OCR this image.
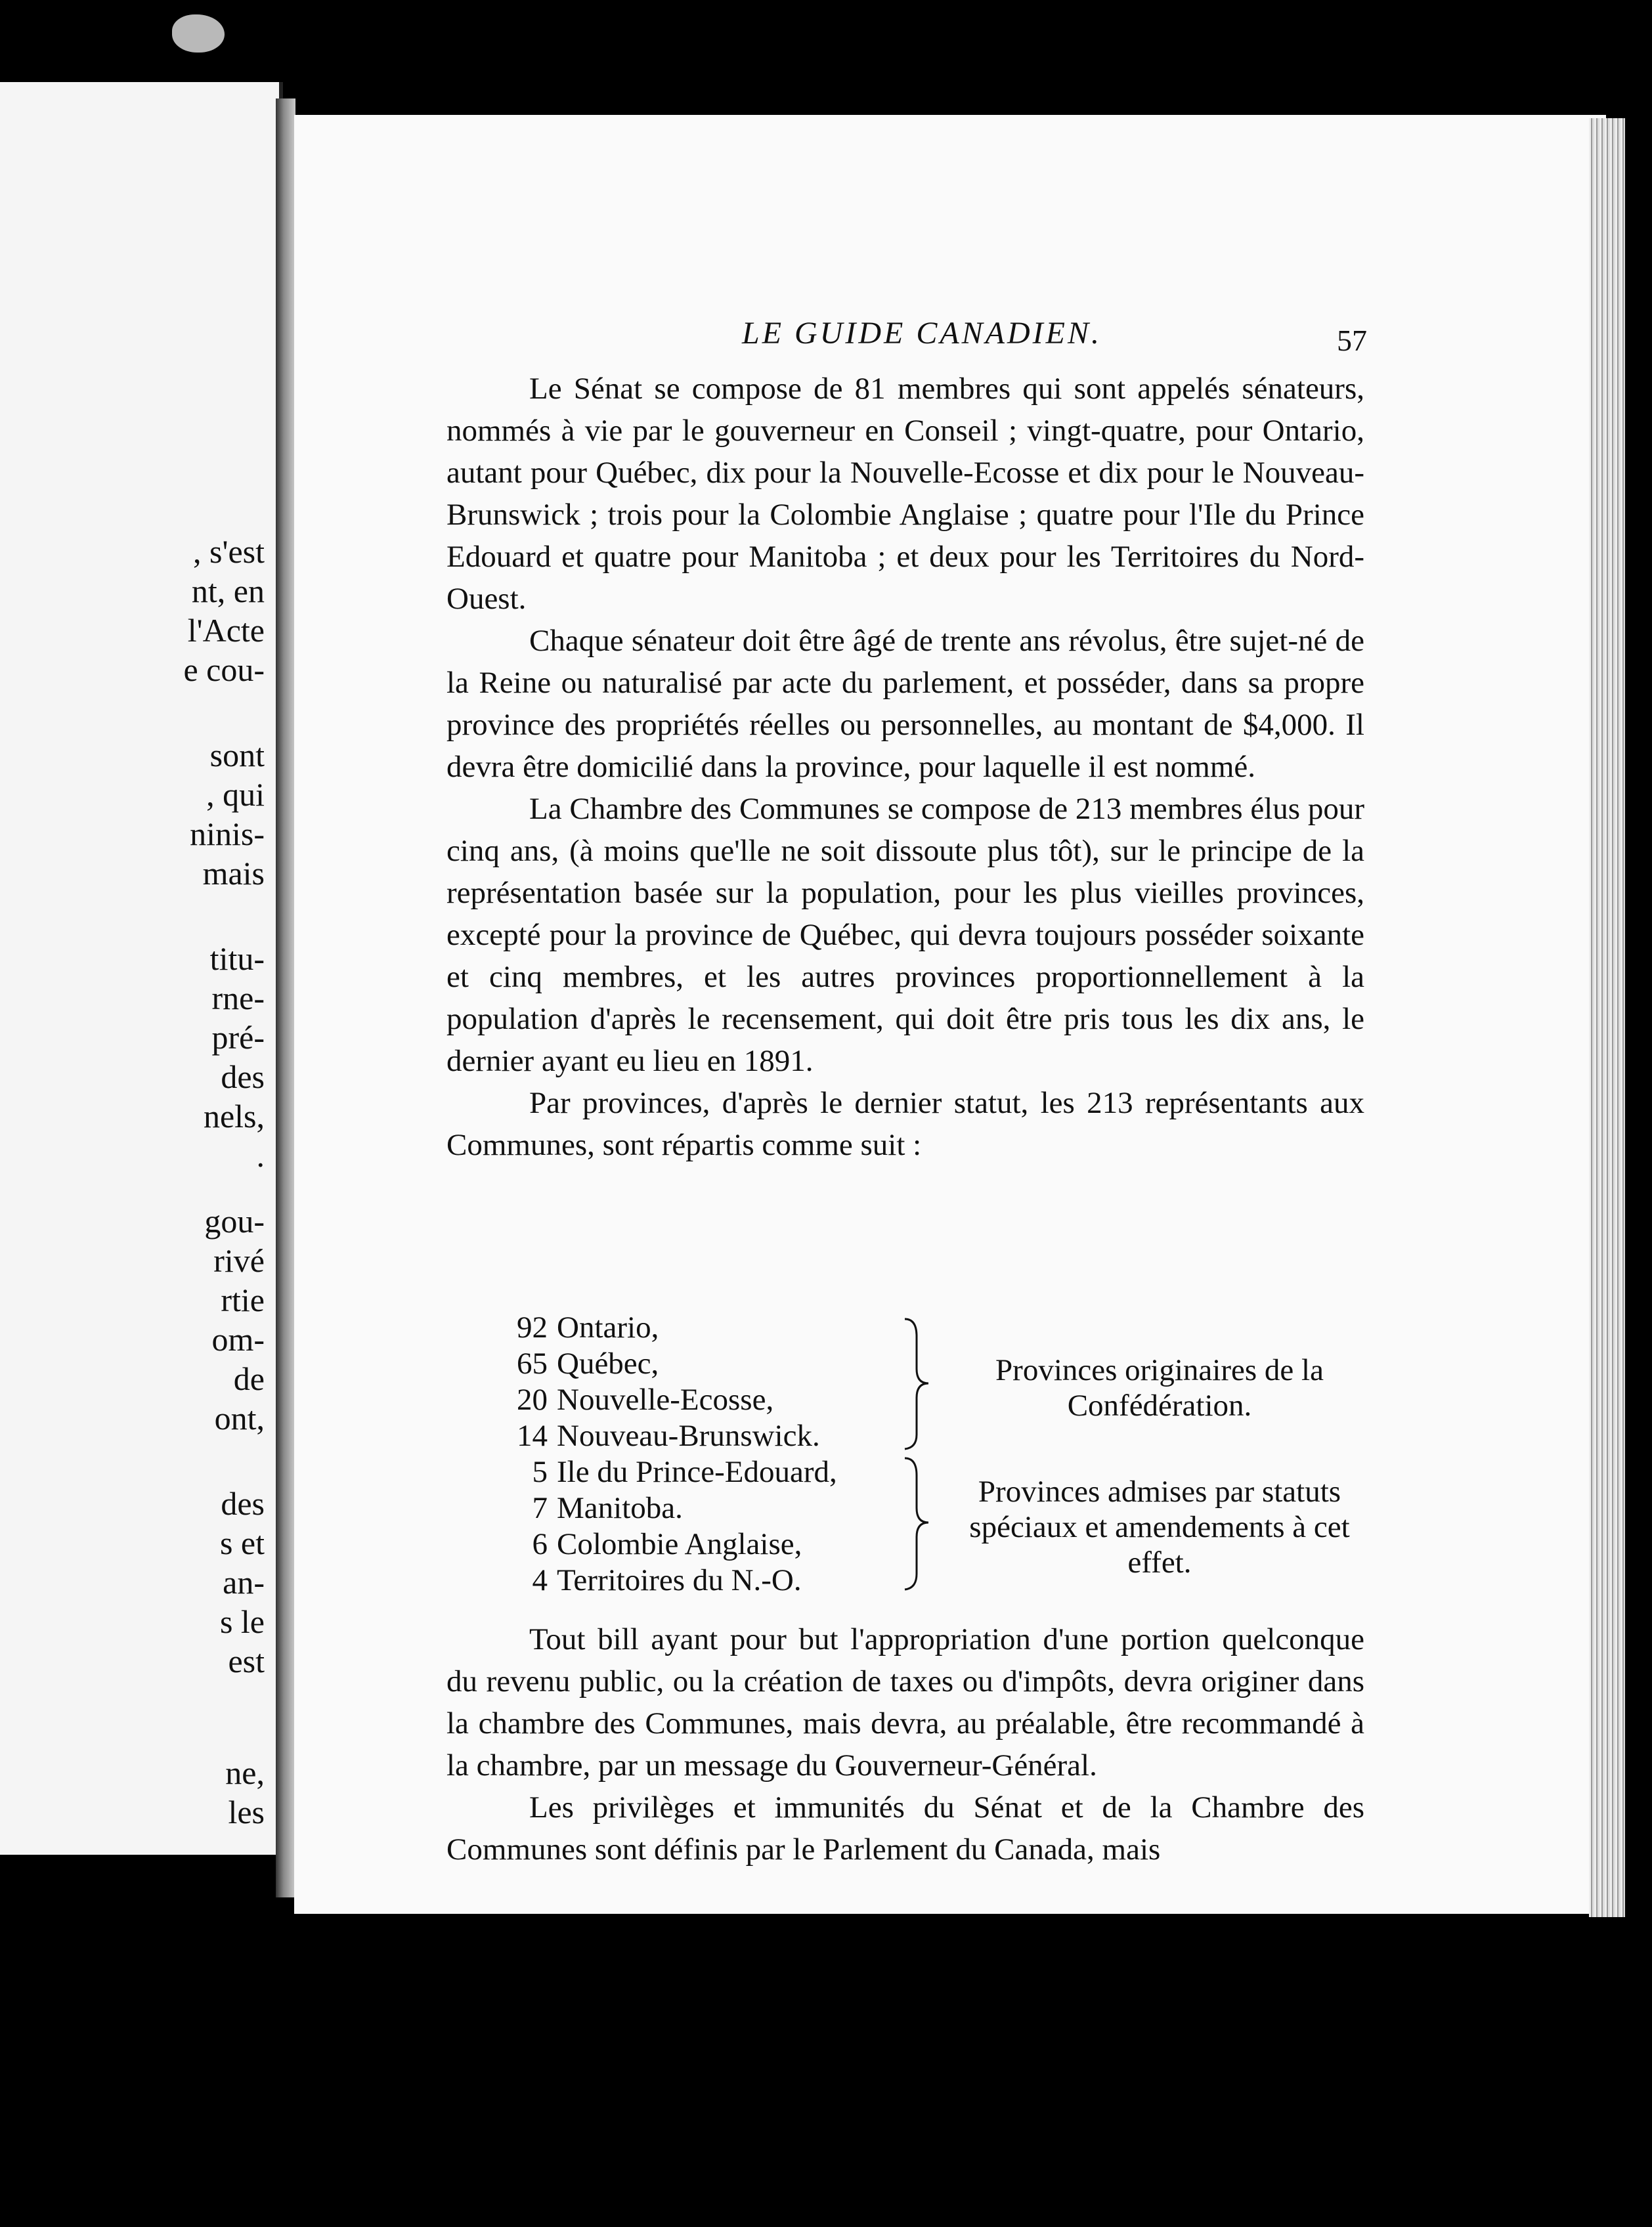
, s'est
nt, en
l'Acte
e cou-
sont
, qui
ninis-
mais
titu-
rne-
pré-
des
nels,
.
gou-
rivé
rtie
om-
de
ont,
des
s et
an-
s le
est
ne,
les
LE GUIDE CANADIEN.	57

Le Sénat se compose de 81 membres qui sont appelés sénateurs, nommés à vie par le gouverneur en Conseil ; vingt-quatre, pour Ontario, autant pour Québec, dix pour la Nouvelle-Ecosse et dix pour le Nouveau-Brunswick ; trois pour la Colombie Anglaise ; quatre pour l'Ile du Prince Edouard et quatre pour Manitoba ; et deux pour les Territoires du Nord-Ouest.

Chaque sénateur doit être âgé de trente ans révolus, être sujet-né de la Reine ou naturalisé par acte du parlement, et posséder, dans sa propre province des propriétés réelles ou personnelles, au montant de $4,000. Il devra être domicilié dans la province, pour laquelle il est nommé.

La Chambre des Communes se compose de 213 membres élus pour cinq ans, (à moins que'lle ne soit dissoute plus tôt), sur le principe de la représentation basée sur la population, pour les plus vieilles provinces, excepté pour la province de Québec, qui devra toujours posséder soixante et cinq membres, et les autres provinces proportionnellement à la population d'après le recensement, qui doit être pris tous les dix ans, le dernier ayant eu lieu en 1891.

Par provinces, d'après le dernier statut, les 213 représentants aux Communes, sont répartis comme suit :

92 Ontario,
65 Québec,
20 Nouvelle-Ecosse,
14 Nouveau-Brunswick.
5 Ile du Prince-Edouard,
7 Manitoba.
6 Colombie Anglaise,
4 Territoires du N.-O.
Provinces originaires de la Confédération.
Provinces admises par statuts spéciaux et amendements à cet effet.

Tout bill ayant pour but l'appropriation d'une portion quelconque du revenu public, ou la création de taxes ou d'impôts, devra originer dans la chambre des Communes, mais devra, au préalable, être recommandé à la chambre, par un message du Gouverneur-Général.

Les privilèges et immunités du Sénat et de la Chambre des Communes sont définis par le Parlement du Canada, mais
